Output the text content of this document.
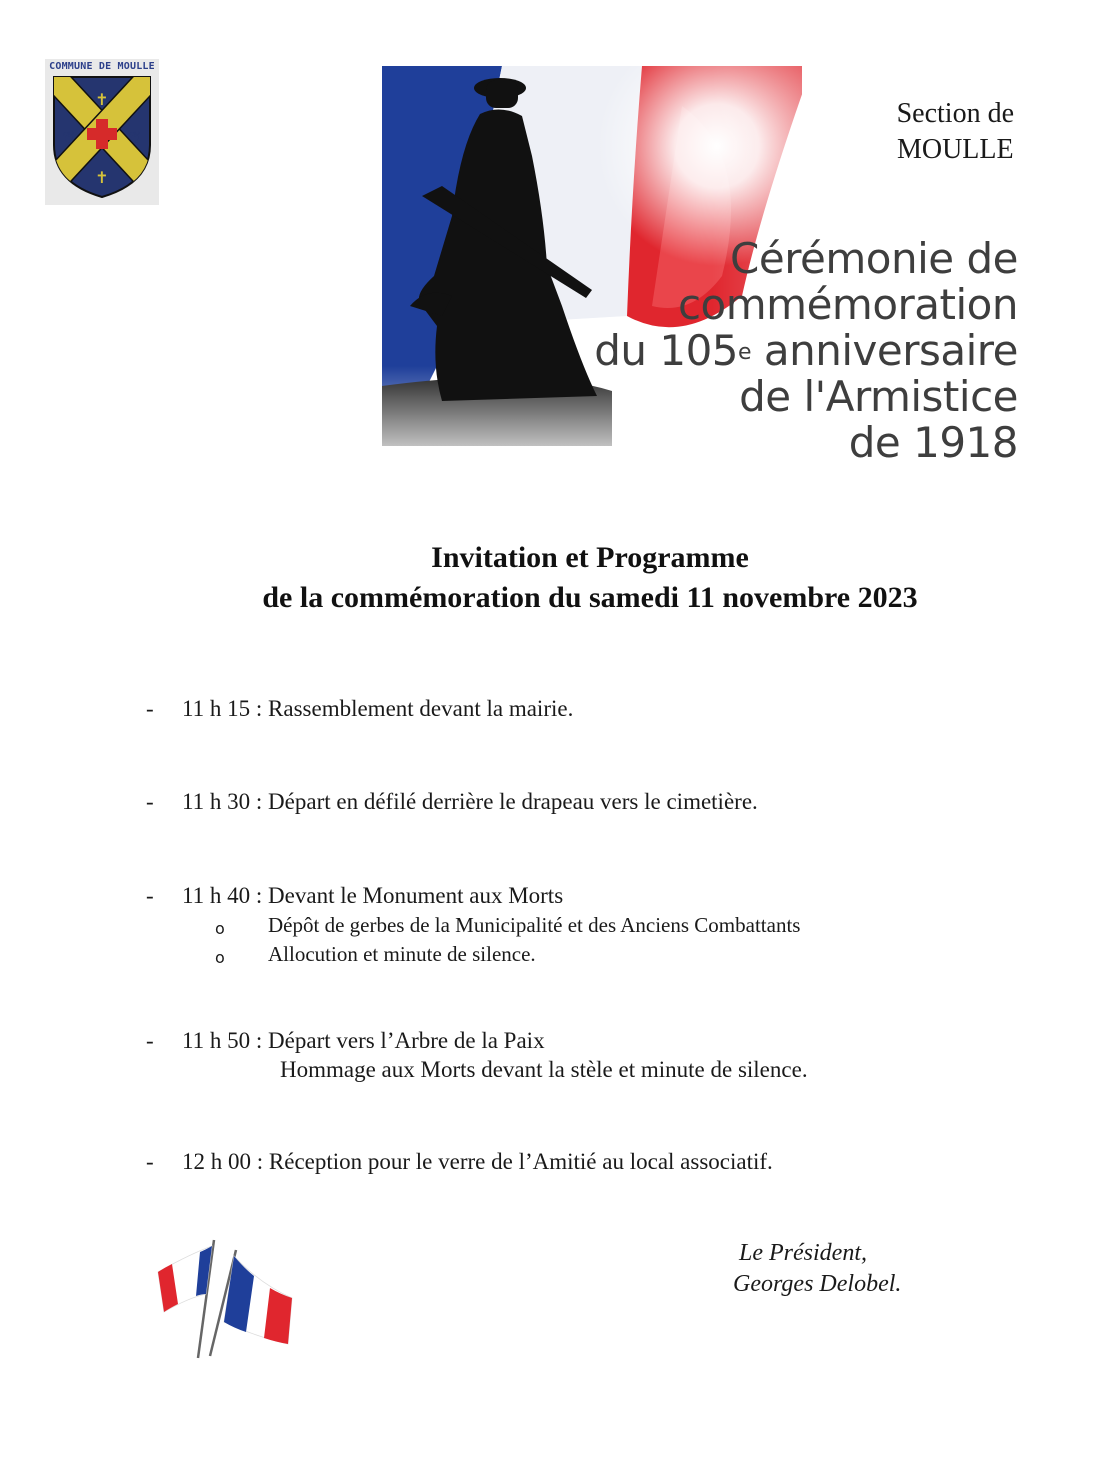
COMMUNE DE MOULLE
✝
✝
❦	❦
Section de
MOULLE
Cérémonie de
commémoration
du 105e anniversaire
de l'Armistice
de 1918
Invitation et Programme
de la commémoration du samedi 11 novembre 2023
- 11 h 15 : Rassemblement devant la mairie.
- 11 h 30 : Départ en défilé derrière le drapeau vers le cimetière.
- 11 h 40 : Devant le Monument aux Morts
o Dépôt de gerbes de la Municipalité et des Anciens Combattants
o Allocution et minute de silence.
- 11 h 50 : Départ vers l’Arbre de la Paix
Hommage aux Morts devant la stèle et minute de silence.
- 12 h 00 : Réception pour le verre de l’Amitié au local associatif.
Le Président,
Georges Delobel.
